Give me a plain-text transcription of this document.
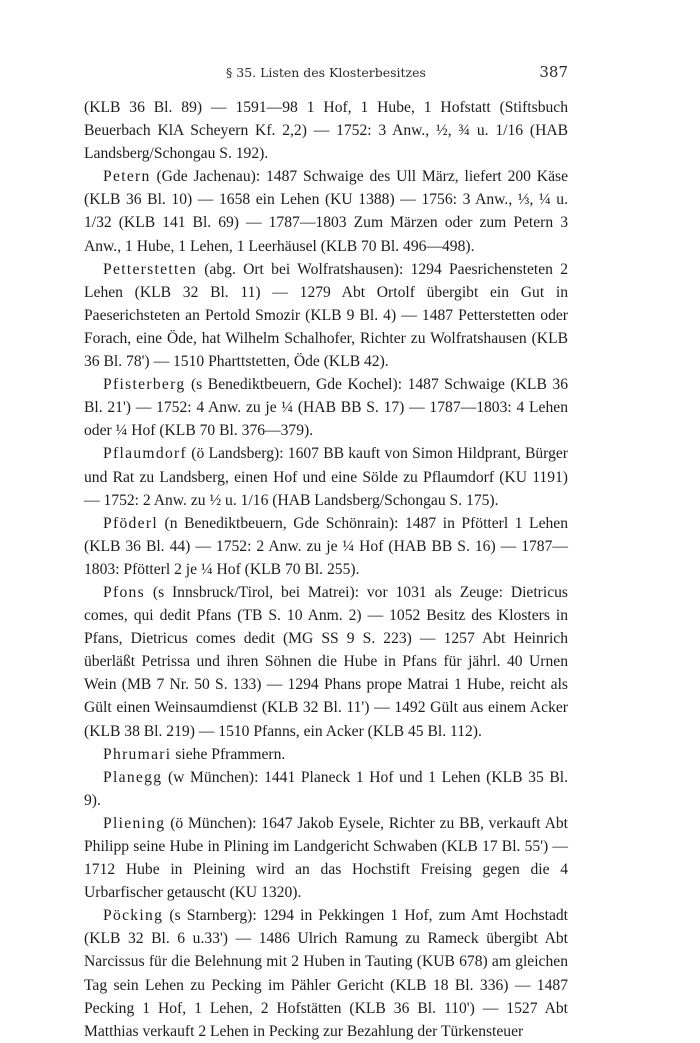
§ 35. Listen des Klosterbesitzes	387

(KLB 36 Bl. 89) — 1591—98 1 Hof, 1 Hube, 1 Hofstatt (Stiftsbuch Beuerbach KlA Scheyern Kf. 2,2) — 1752: 3 Anw., ½, ¾ u. 1/16 (HAB Landsberg/Schongau S. 192).

Petern (Gde Jachenau): 1487 Schwaige des Ull März, liefert 200 Käse (KLB 36 Bl. 10) — 1658 ein Lehen (KU 1388) — 1756: 3 Anw., ⅓, ¼ u. 1/32 (KLB 141 Bl. 69) — 1787—1803 Zum Märzen oder zum Petern 3 Anw., 1 Hube, 1 Lehen, 1 Leerhäusel (KLB 70 Bl. 496—498).

Petterstetten (abg. Ort bei Wolfratshausen): 1294 Paesrichensteten 2 Lehen (KLB 32 Bl. 11) — 1279 Abt Ortolf übergibt ein Gut in Paeserichsteten an Pertold Smozir (KLB 9 Bl. 4) — 1487 Petterstetten oder Forach, eine Öde, hat Wilhelm Schalhofer, Richter zu Wolfratshausen (KLB 36 Bl. 78') — 1510 Pharttstetten, Öde (KLB 42).

Pfisterberg (s Benediktbeuern, Gde Kochel): 1487 Schwaige (KLB 36 Bl. 21') — 1752: 4 Anw. zu je ¼ (HAB BB S. 17) — 1787—1803: 4 Lehen oder ¼ Hof (KLB 70 Bl. 376—379).

Pflaumdorf (ö Landsberg): 1607 BB kauft von Simon Hildprant, Bürger und Rat zu Landsberg, einen Hof und eine Sölde zu Pflaumdorf (KU 1191) — 1752: 2 Anw. zu ½ u. 1/16 (HAB Landsberg/Schongau S. 175).

Pföderl (n Benediktbeuern, Gde Schönrain): 1487 in Pfötterl 1 Lehen (KLB 36 Bl. 44) — 1752: 2 Anw. zu je ¼ Hof (HAB BB S. 16) — 1787—1803: Pfötterl 2 je ¼ Hof (KLB 70 Bl. 255).

Pfons (s Innsbruck/Tirol, bei Matrei): vor 1031 als Zeuge: Dietricus comes, qui dedit Pfans (TB S. 10 Anm. 2) — 1052 Besitz des Klosters in Pfans, Dietricus comes dedit (MG SS 9 S. 223) — 1257 Abt Heinrich überläßt Petrissa und ihren Söhnen die Hube in Pfans für jährl. 40 Urnen Wein (MB 7 Nr. 50 S. 133) — 1294 Phans prope Matrai 1 Hube, reicht als Gült einen Weinsaumdienst (KLB 32 Bl. 11') — 1492 Gült aus einem Acker (KLB 38 Bl. 219) — 1510 Pfanns, ein Acker (KLB 45 Bl. 112).

Phrumari siehe Pframmern.

Planegg (w München): 1441 Planeck 1 Hof und 1 Lehen (KLB 35 Bl. 9).

Pliening (ö München): 1647 Jakob Eysele, Richter zu BB, verkauft Abt Philipp seine Hube in Plining im Landgericht Schwaben (KLB 17 Bl. 55') — 1712 Hube in Pleining wird an das Hochstift Freising gegen die 4 Urbarfischer getauscht (KU 1320).

Pöcking (s Starnberg): 1294 in Pekkingen 1 Hof, zum Amt Hochstadt (KLB 32 Bl. 6 u.33') — 1486 Ulrich Ramung zu Rameck übergibt Abt Narcissus für die Belehnung mit 2 Huben in Tauting (KUB 678) am gleichen Tag sein Lehen zu Pecking im Pähler Gericht (KLB 18 Bl. 336) — 1487 Pecking 1 Hof, 1 Lehen, 2 Hofstätten (KLB 36 Bl. 110') — 1527 Abt Matthias verkauft 2 Lehen in Pecking zur Bezahlung der Türkensteuer
